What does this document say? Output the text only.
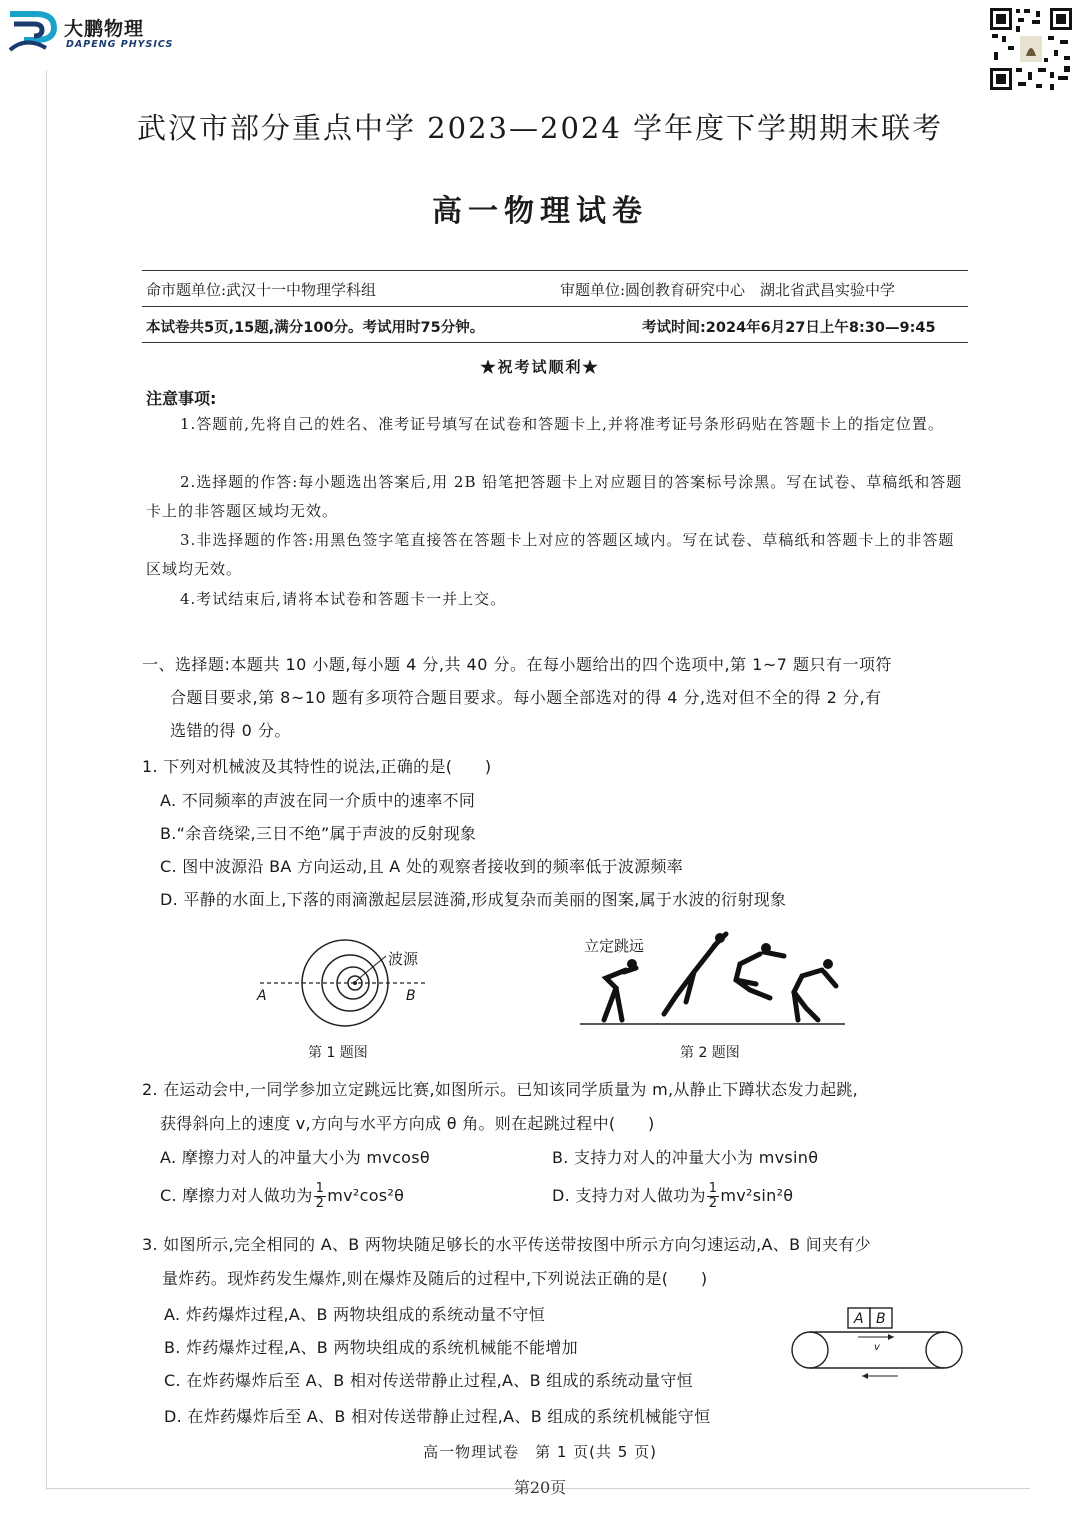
大鹏物理
DAPENG PHYSICS
武汉市部分重点中学 2023—2024 学年度下学期期末联考
高一物理试卷
命市题单位:武汉十一中物理学科组	审题单位:圆创教育研究中心　湖北省武昌实验中学
本试卷共5页,15题,满分100分。考试用时75分钟。	考试时间:2024年6月27日上午8:30—9:45
★祝考试顺利★
注意事项:
1.答题前,先将自己的姓名、准考证号填写在试卷和答题卡上,并将准考证号条形码贴在答题卡上的指定位置。
2.选择题的作答:每小题选出答案后,用 2B 铅笔把答题卡上对应题目的答案标号涂黑。写在试卷、草稿纸和答题卡上的非答题区域均无效。
3.非选择题的作答:用黑色签字笔直接答在答题卡上对应的答题区域内。写在试卷、草稿纸和答题卡上的非答题区域均无效。
4.考试结束后,请将本试卷和答题卡一并上交。
一、选择题:本题共 10 小题,每小题 4 分,共 40 分。在每小题给出的四个选项中,第 1~7 题只有一项符
合题目要求,第 8~10 题有多项符合题目要求。每小题全部选对的得 4 分,选对但不全的得 2 分,有
选错的得 0 分。
1. 下列对机械波及其特性的说法,正确的是(　　)
A. 不同频率的声波在同一介质中的速率不同
B.“余音绕梁,三日不绝”属于声波的反射现象
C. 图中波源沿 BA 方向运动,且 A 处的观察者接收到的频率低于波源频率
D. 平静的水面上,下落的雨滴激起层层涟漪,形成复杂而美丽的图案,属于水波的衍射现象
波源
A	B
第 1 题图
立定跳远
第 2 题图
2. 在运动会中,一同学参加立定跳远比赛,如图所示。已知该同学质量为 m,从静止下蹲状态发力起跳,
获得斜向上的速度 v,方向与水平方向成 θ 角。则在起跳过程中(　　)
A. 摩擦力对人的冲量大小为 mvcosθ	B. 支持力对人的冲量大小为 mvsinθ
C. 摩擦力对人做功为 $\frac{1}{2} mv^2\cos^2\theta$	D. 支持力对人做功为 $\frac{1}{2} mv^2\sin^2\theta$
3. 如图所示,完全相同的 A、B 两物块随足够长的水平传送带按图中所示方向匀速运动,A、B 间夹有少
量炸药。现炸药发生爆炸,则在爆炸及随后的过程中,下列说法正确的是(　　)
A. 炸药爆炸过程,A、B 两物块组成的系统动量不守恒
B. 炸药爆炸过程,A、B 两物块组成的系统机械能不能增加
C. 在炸药爆炸后至 A、B 相对传送带静止过程,A、B 组成的系统动量守恒
D. 在炸药爆炸后至 A、B 相对传送带静止过程,A、B 组成的系统机械能守恒
A B
v
高一物理试卷　第 1 页(共 5 页)
第20页
